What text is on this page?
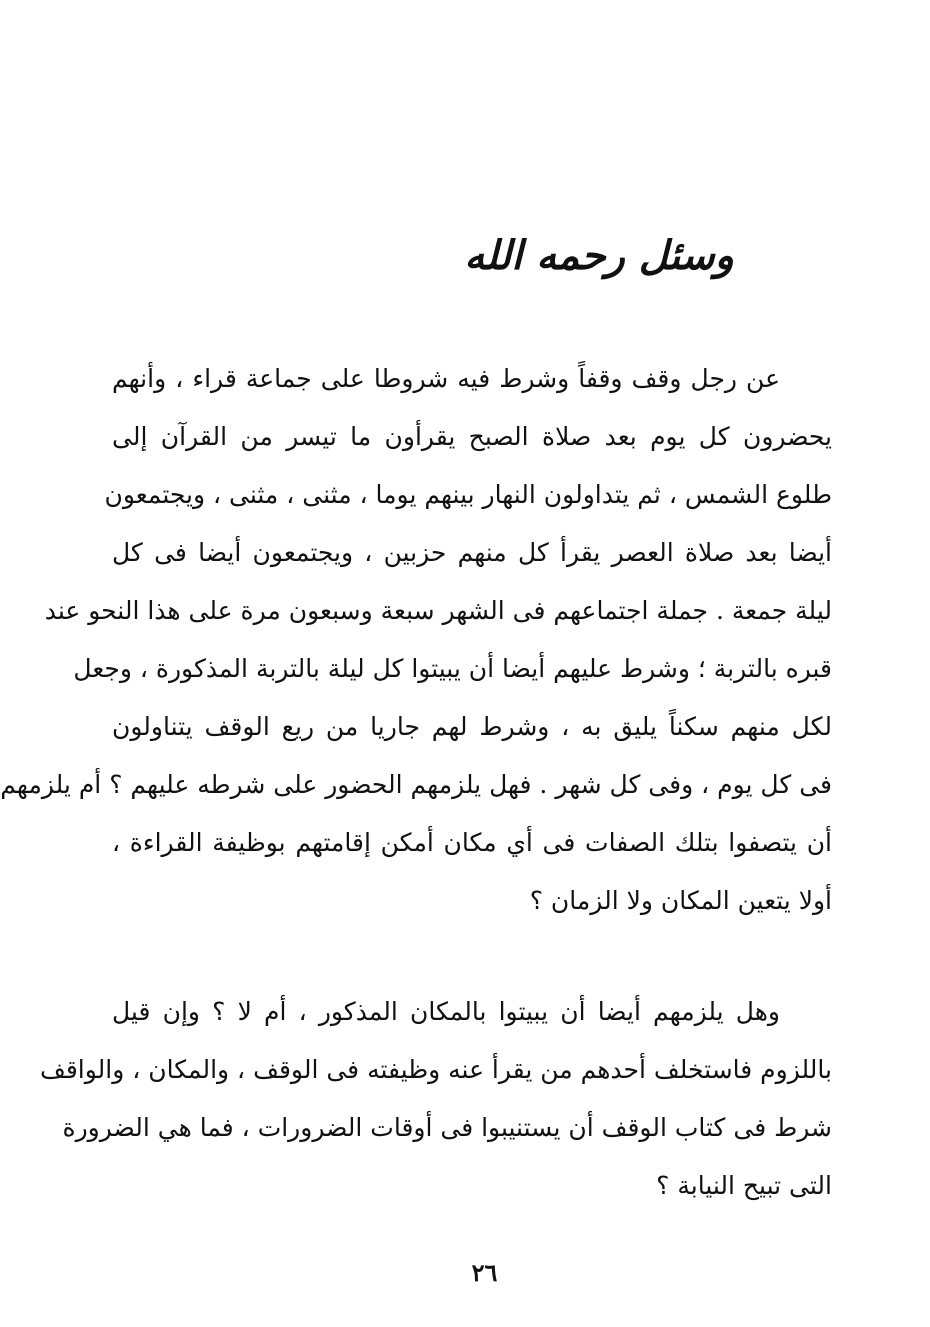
وسئل رحمه الله
عن رجل وقف وقفاً وشرط فيه شروطا على جماعة قراء ، وأنهم
يحضرون كل يوم بعد صلاة الصبح يقرأون ما تيسر من القرآن إلى
طلوع الشمس ، ثم يتداولون النهار بينهم يوما ، مثنى ، مثنى ، ويجتمعون
أيضا بعد صلاة العصر يقرأ كل منهم حزبين ، ويجتمعون أيضا فى كل
ليلة جمعة . جملة اجتماعهم فى الشهر سبعة وسبعون مرة على هذا النحو عند
قبره بالتربة ؛ وشرط عليهم أيضا أن يبيتوا كل ليلة بالتربة المذكورة ، وجعل
لكل منهم سكناً يليق به ، وشرط لهم جاريا من ريع الوقف يتناولون
فى كل يوم ، وفى كل شهر . فهل يلزمهم الحضور على شرطه عليهم ؟ أم يلزمهم
أن يتصفوا بتلك الصفات فى أي مكان أمكن إقامتهم بوظيفة القراءة ،
أولا يتعين المكان ولا الزمان ؟
وهل يلزمهم أيضا أن يبيتوا بالمكان المذكور ، أم لا ؟ وإن قيل
باللزوم فاستخلف أحدهم من يقرأ عنه وظيفته فى الوقف ، والمكان ، والواقف
شرط فى كتاب الوقف أن يستنيبوا فى أوقات الضرورات ، فما هي الضرورة
التى تبيح النيابة ؟

٢٦
